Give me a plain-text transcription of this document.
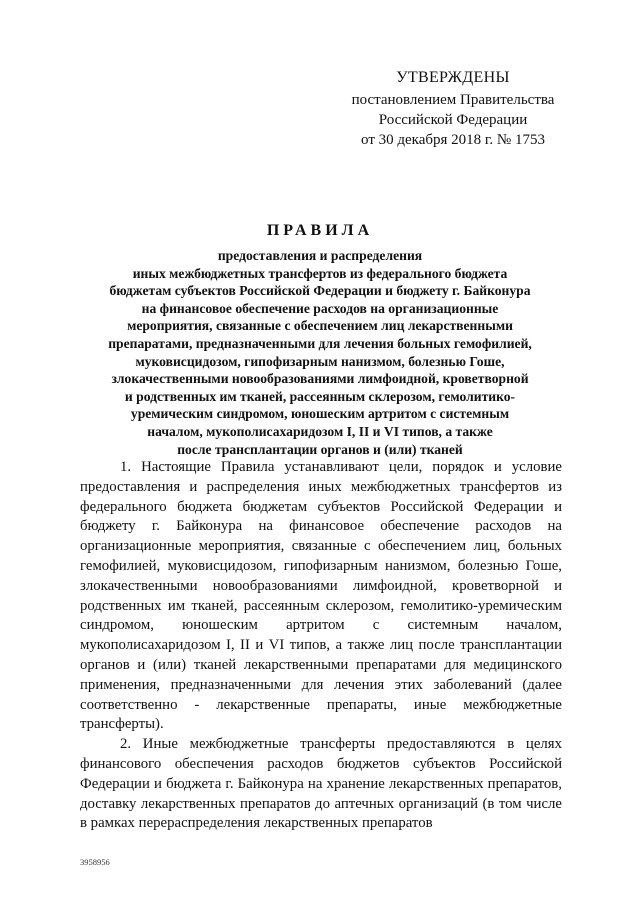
УТВЕРЖДЕНЫ
постановлением Правительства
Российской Федерации
от 30 декабря 2018 г. № 1753
ПРАВИЛА
предоставления и распределения
иных межбюджетных трансфертов из федерального бюджета
бюджетам субъектов Российской Федерации и бюджету г. Байконура
на финансовое обеспечение расходов на организационные
мероприятия, связанные с обеспечением лиц лекарственными
препаратами, предназначенными для лечения больных гемофилией,
муковисцидозом, гипофизарным нанизмом, болезнью Гоше,
злокачественными новообразованиями лимфоидной, кроветворной
и родственных им тканей, рассеянным склерозом, гемолитико-
уремическим синдромом, юношеским артритом с системным
началом, мукополисахаридозом I, II и VI типов, а также
после трансплантации органов и (или) тканей

1. Настоящие Правила устанавливают цели, порядок и условие предоставления и распределения иных межбюджетных трансфертов из федерального бюджета бюджетам субъектов Российской Федерации и бюджету г. Байконура на финансовое обеспечение расходов на организационные мероприятия, связанные с обеспечением лиц, больных гемофилией, муковисцидозом, гипофизарным нанизмом, болезнью Гоше, злокачественными новообразованиями лимфоидной, кроветворной и родственных им тканей, рассеянным склерозом, гемолитико-уремическим синдромом, юношеским артритом с системным началом, мукополисахаридозом I, II и VI типов, а также лиц после трансплантации органов и (или) тканей лекарственными препаратами для медицинского применения, предназначенными для лечения этих заболеваний (далее соответственно - лекарственные препараты, иные межбюджетные трансферты).

2. Иные межбюджетные трансферты предоставляются в целях финансового обеспечения расходов бюджетов субъектов Российской Федерации и бюджета г. Байконура на хранение лекарственных препаратов, доставку лекарственных препаратов до аптечных организаций (в том числе в рамках перераспределения лекарственных препаратов

3958956
